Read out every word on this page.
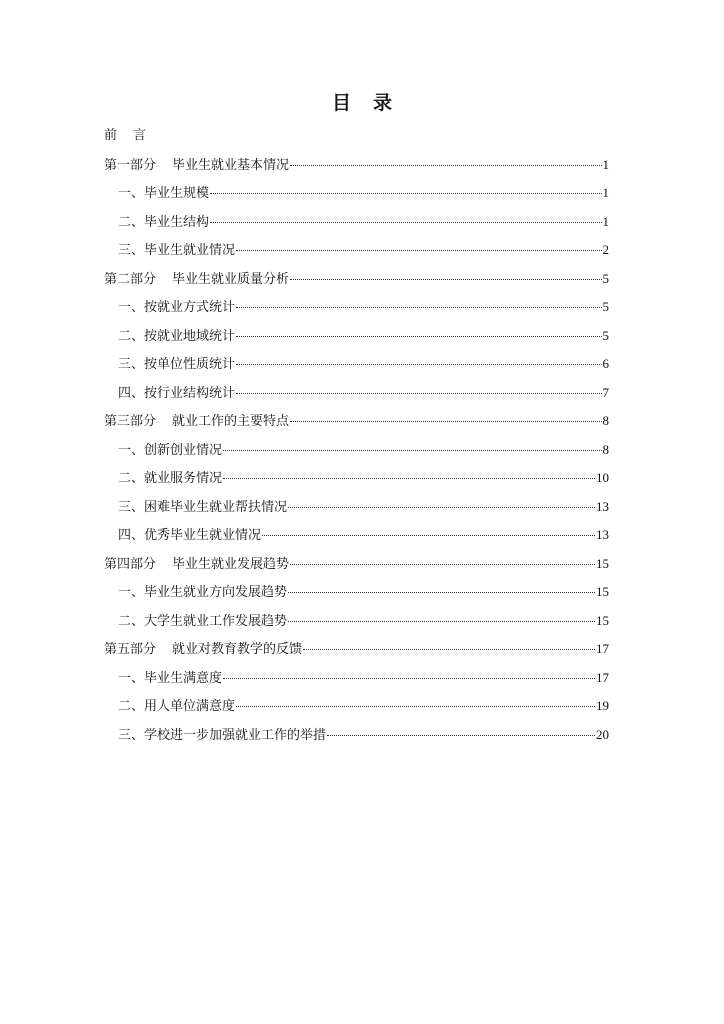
目 录
前 言
第一部分 毕业生就业基本情况	1
一、毕业生规模	1
二、毕业生结构	1
三、毕业生就业情况	2
第二部分 毕业生就业质量分析	5
一、按就业方式统计	5
二、按就业地域统计	5
三、按单位性质统计	6
四、按行业结构统计	7
第三部分 就业工作的主要特点	8
一、创新创业情况	8
二、就业服务情况	10
三、困难毕业生就业帮扶情况	13
四、优秀毕业生就业情况	13
第四部分 毕业生就业发展趋势	15
一、毕业生就业方向发展趋势	15
二、大学生就业工作发展趋势	15
第五部分 就业对教育教学的反馈	17
一、毕业生满意度	17
二、用人单位满意度	19
三、学校进一步加强就业工作的举措	20
